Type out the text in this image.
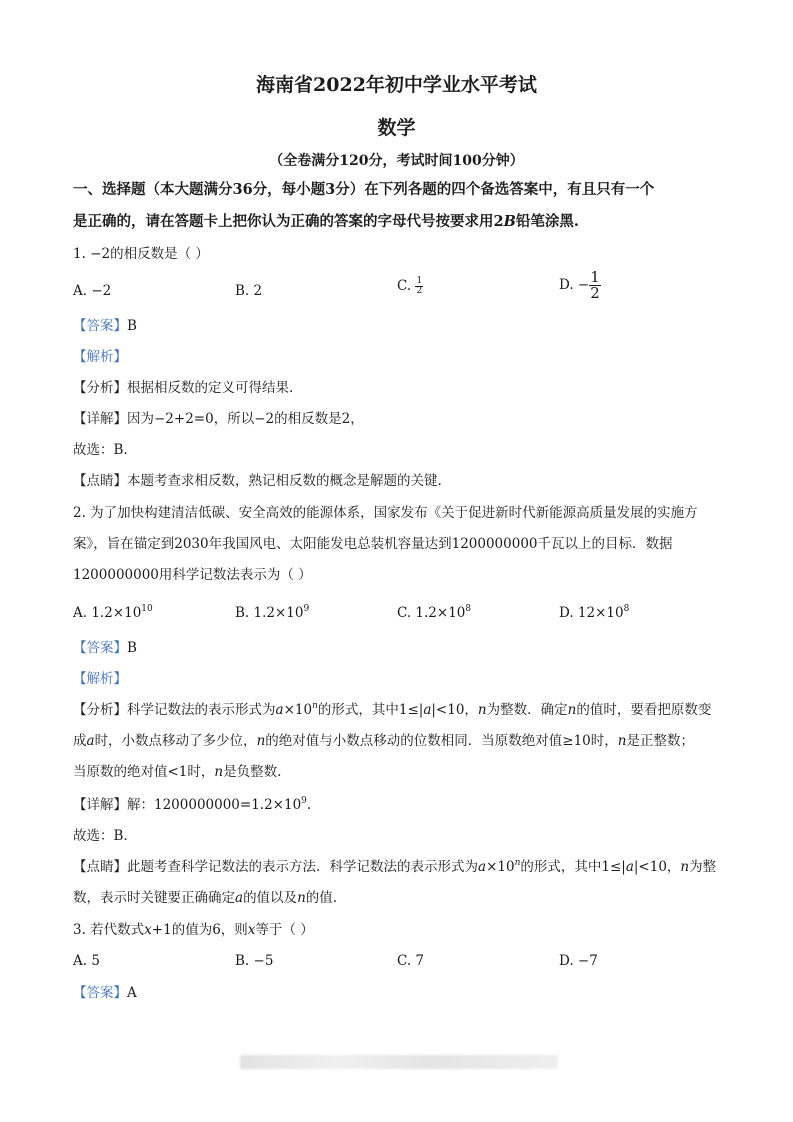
海南省2022年初中学业水平考试
数学
（全卷满分120分，考试时间100分钟）
一、选择题（本大题满分36分，每小题3分）在下列各题的四个备选答案中，有且只有一个
是正确的，请在答题卡上把你认为正确的答案的字母代号按要求用2B铅笔涂黑.
1. −2的相反数是（ ）
A. −2	B. 2	C. $\frac{1}{2}$	D. − $\frac{1}{2}$
【答案】B
【解析】
【分析】根据相反数的定义可得结果.
【详解】因为−2+2=0，所以−2的相反数是2，
故选：B.
【点睛】本题考查求相反数，熟记相反数的概念是解题的关键.
2. 为了加快构建清洁低碳、安全高效的能源体系，国家发布《关于促进新时代新能源高质量发展的实施方
案》，旨在锚定到2030年我国风电、太阳能发电总装机容量达到1200000000千瓦以上的目标．数据
1200000000用科学记数法表示为（ ）
A. $1.2\times 10^{10}$	B. $1.2\times 10^9$	C. $1.2\times 10^8$	D. $12\times 10^8$
【答案】B
【解析】
【分析】科学记数法的表示形式为$a\times 10^n$的形式，其中1≤|a|<10，n为整数．确定n的值时，要看把原数变
成a时，小数点移动了多少位，n的绝对值与小数点移动的位数相同．当原数绝对值≥10时，n是正整数；
当原数的绝对值<1时，n是负整数.
【详解】解：$1200000000=1.2\times 10^9$.
故选：B.
【点睛】此题考查科学记数法的表示方法．科学记数法的表示形式为$a\times 10^n$的形式，其中1≤|a|<10，n为整
数，表示时关键要正确确定a的值以及n的值.
3. 若代数式x+1的值为6，则x等于（ ）
A. 5	B. −5	C. 7	D. −7
【答案】A
